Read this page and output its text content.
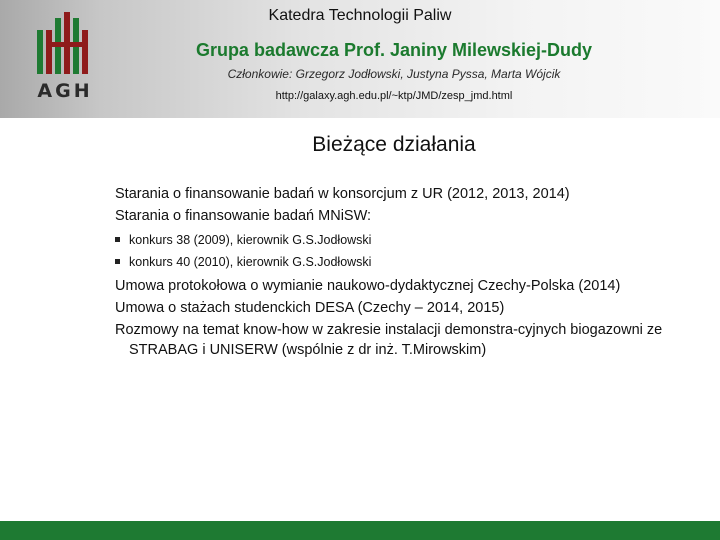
AGH
Katedra Technologii Paliw
Grupa badawcza Prof. Janiny Milewskiej-Dudy
Członkowie: Grzegorz Jodłowski, Justyna Pyssa, Marta Wójcik
http://galaxy.agh.edu.pl/~ktp/JMD/zesp_jmd.html
Bieżące działania
Starania o finansowanie badań w konsorcjum z UR (2012, 2013, 2014)
Starania o finansowanie badań MNiSW:
konkurs 38 (2009), kierownik G.S.Jodłowski
konkurs 40 (2010), kierownik G.S.Jodłowski
Umowa protokołowa o wymianie naukowo-dydaktycznej Czechy-Polska (2014)
Umowa o stażach studenckich DESA (Czechy – 2014, 2015)
Rozmowy na temat know-how w zakresie instalacji demonstra-cyjnych biogazowni ze STRABAG i UNISERW (wspólnie z dr inż. T.Mirowskim)
